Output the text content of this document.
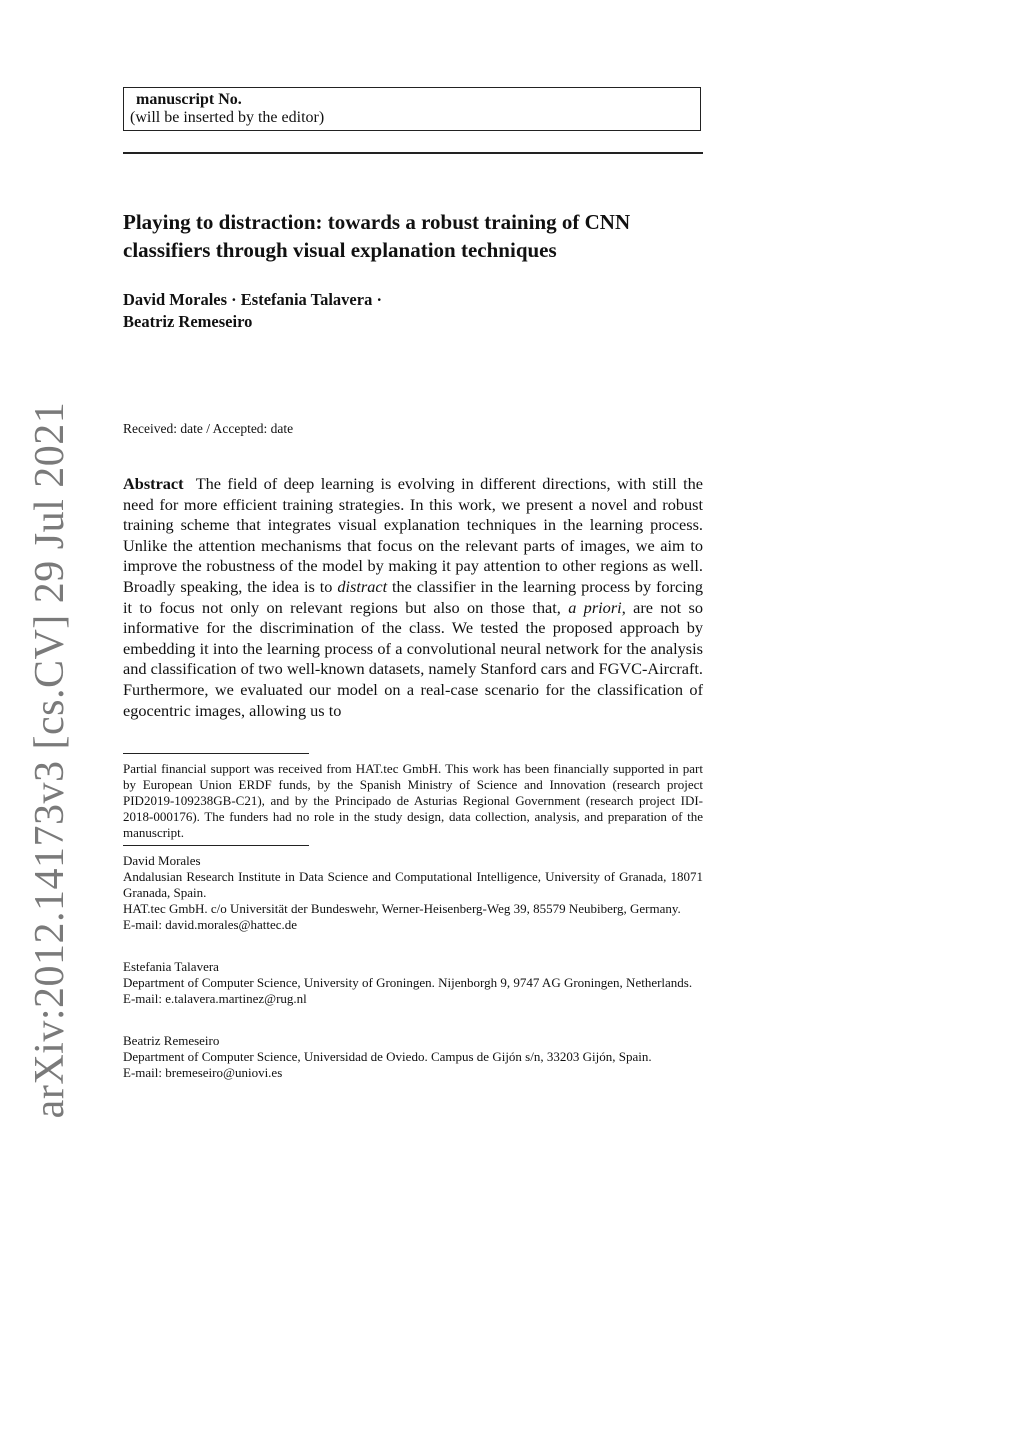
arXiv:2012.14173v3 [cs.CV] 29 Jul 2021
manuscript No.
(will be inserted by the editor)
Playing to distraction: towards a robust training of CNN
classifiers through visual explanation techniques
David Morales · Estefania Talavera ·
Beatriz Remeseiro
Received: date / Accepted: date
Abstract The field of deep learning is evolving in different directions, with still the need for more efficient training strategies. In this work, we present a novel and robust training scheme that integrates visual explanation techniques in the learning process. Unlike the attention mechanisms that focus on the relevant parts of images, we aim to improve the robustness of the model by making it pay attention to other regions as well. Broadly speaking, the idea is to distract the classifier in the learning process by forcing it to focus not only on relevant regions but also on those that, a priori, are not so informative for the discrimination of the class. We tested the proposed approach by embedding it into the learning process of a convolutional neural network for the analysis and classification of two well-known datasets, namely Stanford cars and FGVC-Aircraft. Furthermore, we evaluated our model on a real-case scenario for the classification of egocentric images, allowing us to
Partial financial support was received from HAT.tec GmbH. This work has been financially supported in part by European Union ERDF funds, by the Spanish Ministry of Science and Innovation (research project PID2019-109238GB-C21), and by the Principado de Asturias Regional Government (research project IDI-2018-000176). The funders had no role in the study design, data collection, analysis, and preparation of the manuscript.

David Morales

Andalusian Research Institute in Data Science and Computational Intelligence, University of Granada, 18071 Granada, Spain.

HAT.tec GmbH. c/o Universität der Bundeswehr, Werner-Heisenberg-Weg 39, 85579 Neubiberg, Germany.

E-mail: david.morales@hattec.de

Estefania Talavera

Department of Computer Science, University of Groningen. Nijenborgh 9, 9747 AG Groningen, Netherlands.

E-mail: e.talavera.martinez@rug.nl

Beatriz Remeseiro

Department of Computer Science, Universidad de Oviedo. Campus de Gijón s/n, 33203 Gijón, Spain.

E-mail: bremeseiro@uniovi.es
